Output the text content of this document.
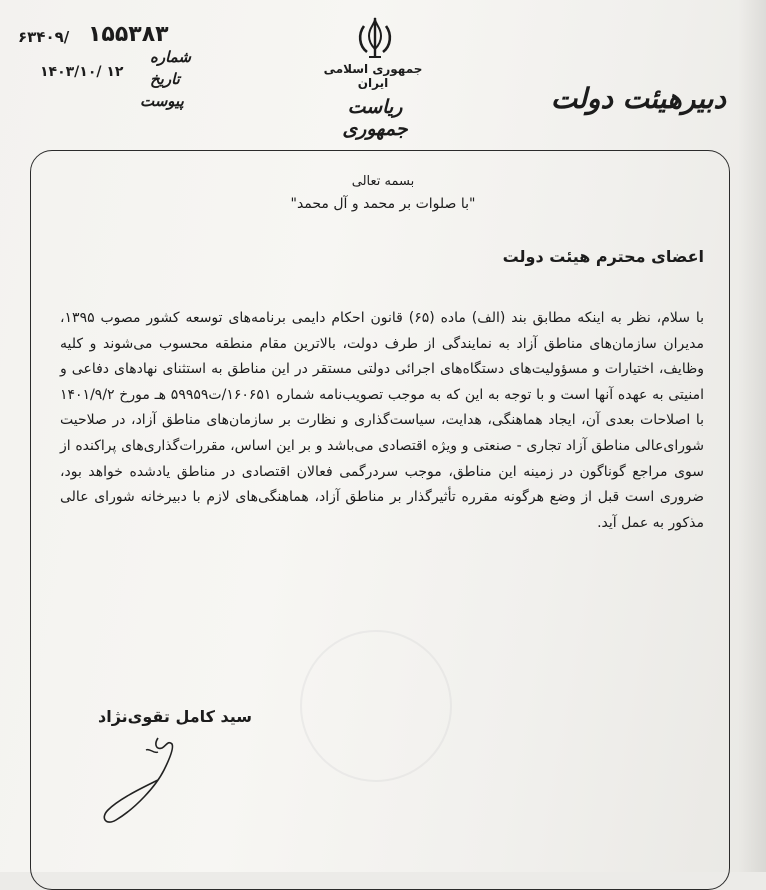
۶۳۴۰۹/ ۱۵۵۳۸۳
شماره
تاریخ
پیوست
۱۴۰۳/۱۰/ ۱۲	جمهوری اسلامی ایران
ریاست جمهوری
دبیرهیئت دولت
بسمه تعالی
"با صلوات بر محمد و آل محمد"
اعضای محترم هیئت دولت
با سلام، نظر به اینکه مطابق بند (الف) ماده (۶۵) قانون احکام دایمی برنامه‌های توسعه کشور مصوب ۱۳۹۵، مدیران سازمان‌های مناطق آزاد به نمایندگی از طرف دولت، بالاترین مقام منطقه محسوب می‌شوند و کلیه وظایف، اختیارات و مسؤولیت‌های دستگاه‌های اجرائی دولتی مستقر در این مناطق به استثنای نهادهای دفاعی و امنیتی به عهده آنها است و با توجه به این که به موجب تصویب‌نامه شماره ۱۶۰۶۵۱/ت۵۹۹۵۹ هـ مورخ ۱۴۰۱/۹/۲ با اصلاحات بعدی آن، ایجاد هماهنگی، هدایت، سیاست‌گذاری و نظارت بر سازمان‌های مناطق آزاد، در صلاحیت شورای‌عالی مناطق آزاد تجاری - صنعتی و ویژه اقتصادی می‌باشد و بر این اساس، مقررات‌گذاری‌های پراکنده از سوی مراجع گوناگون در زمینه این مناطق، موجب سردرگمی فعالان اقتصادی در مناطق یادشده خواهد بود، ضروری است قبل از وضع هرگونه مقرره تأثیرگذار بر مناطق آزاد، هماهنگی‌های لازم با دبیرخانه شورای عالی مذکور به عمل آید.
سید کامل تقوی‌نژاد
